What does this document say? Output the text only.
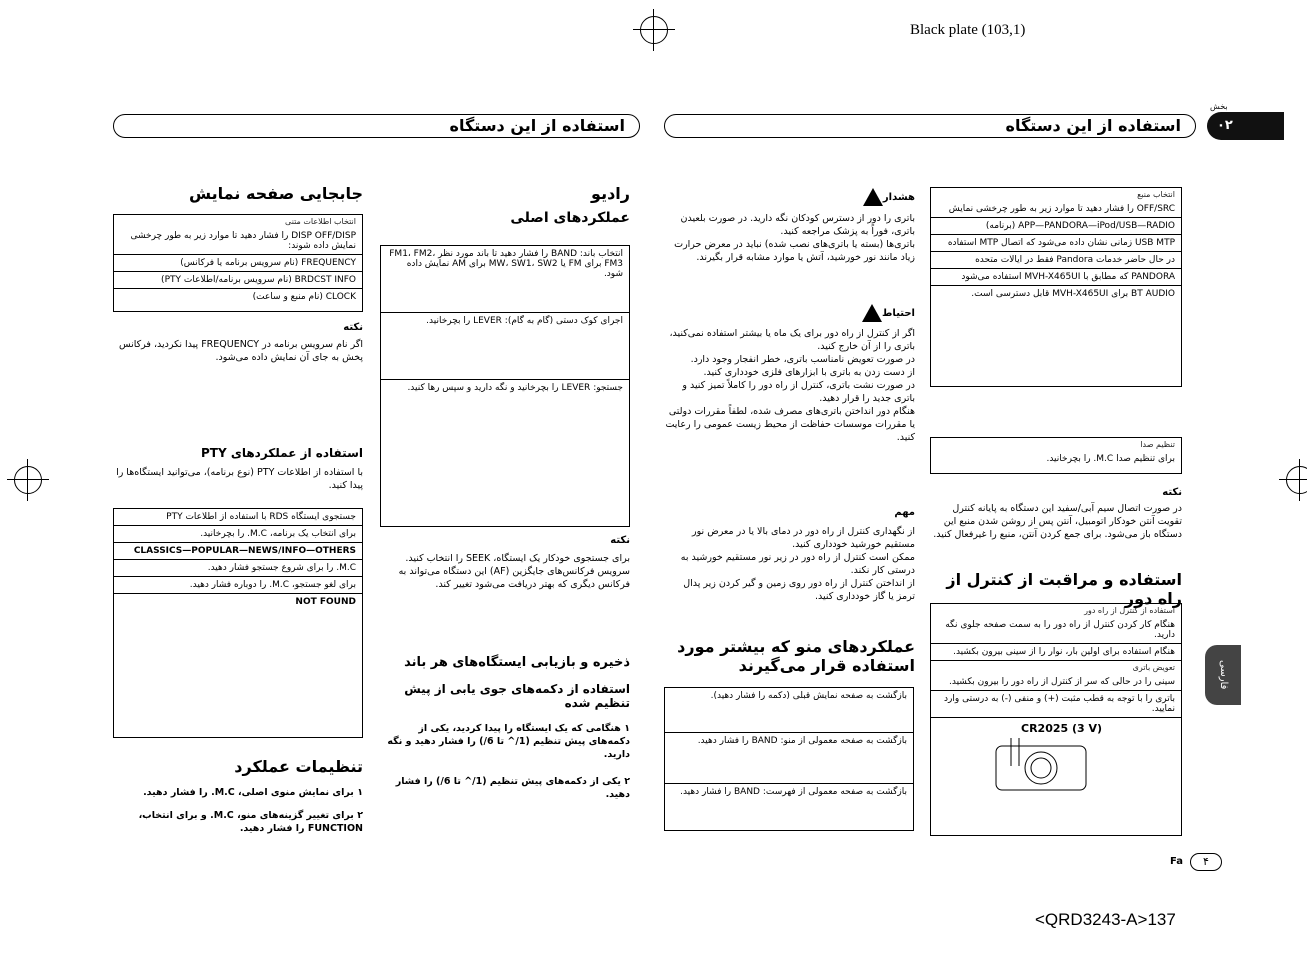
Black plate (103,1)
بخش
۰۲
استفاده از این دستگاه	استفاده از این دستگاه
فارسی
انتخاب منبع
OFF/SRC را فشار دهید تا موارد زیر به طور چرخشی نمایش
APP—PANDORA—iPod/USB—RADIO (برنامه)
USB MTP زمانی نشان داده می‌شود که اتصال MTP استفاده
در حال حاضر خدمات Pandora فقط در ایالات متحده
PANDORA که مطابق با MVH-X465UI استفاده می‌شود
BT AUDIO برای MVH-X465UI قابل دسترسی است.
تنظیم صدا
برای تنظیم صدا M.C. را بچرخانید.
نکته
در صورت اتصال سیم آبی/سفید این دستگاه به پایانه کنترل تقویت آنتن خودکار اتومبیل، آنتن پس از روشن شدن منبع این دستگاه باز می‌شود. برای جمع کردن آنتن، منبع را غیرفعال کنید.
استفاده و مراقبت از کنترل از راه دور
استفاده از کنترل از راه دور
هنگام کار کردن کنترل از راه دور را به سمت صفحه جلوی نگه دارید.
هنگام استفاده برای اولین بار، نوار را از سینی بیرون بکشید.
تعویض باتری
سینی را در حالی که سر از کنترل از راه دور را بیرون بکشید.
باتری را با توجه به قطب مثبت (+) و منفی (-) به درستی وارد نمایید.
CR2025 (3 V)
هشدار
باتری را دور از دسترس کودکان نگه دارید. در صورت بلعیدن باتری، فوراً به پزشک مراجعه کنید.
باتری‌ها (بسته یا باتری‌های نصب شده) نباید در معرض حرارت زیاد مانند نور خورشید، آتش یا موارد مشابه قرار بگیرند.
احتیاط
اگر از کنترل از راه دور برای یک ماه یا بیشتر استفاده نمی‌کنید، باتری را از آن خارج کنید.
در صورت تعویض نامناسب باتری، خطر انفجار وجود دارد.
از دست زدن به باتری با ابزارهای فلزی خودداری کنید.
در صورت نشت باتری، کنترل از راه دور را کاملاً تمیز کنید و باتری جدید را قرار دهید.
هنگام دور انداختن باتری‌های مصرف شده، لطفاً مقررات دولتی یا مقررات موسسات حفاظت از محیط زیست عمومی را رعایت کنید.
مهم
از نگهداری کنترل از راه دور در دمای بالا یا در معرض نور مستقیم خورشید خودداری کنید.
ممکن است کنترل از راه دور در زیر نور مستقیم خورشید به درستی کار نکند.
از انداختن کنترل از راه دور روی زمین و گیر کردن زیر پدال ترمز یا گاز خودداری کنید.
عملکردهای منو که بیشتر مورد استفاده قرار می‌گیرند
بازگشت به صفحه نمایش قبلی (دکمه را فشار دهید).
بازگشت به صفحه معمولی از منو: BAND را فشار دهید.
بازگشت به صفحه معمولی از فهرست: BAND را فشار دهید.
رادیو
عملکردهای اصلی
انتخاب باند: BAND را فشار دهید تا باند مورد نظر FM1، FM2، FM3 برای FM یا MW، SW1، SW2 برای AM نمایش داده شود.
اجرای کوک دستی (گام به گام): LEVER را بچرخانید.
جستجو: LEVER را بچرخانید و نگه دارید و سپس رها کنید.
نکته
برای جستجوی خودکار یک ایستگاه، SEEK را انتخاب کنید.
سرویس فرکانس‌های جایگزین (AF) این دستگاه می‌تواند به فرکانس دیگری که بهتر دریافت می‌شود تغییر کند.
ذخیره و بازیابی ایستگاه‌های هر باند
استفاده از دکمه‌های جوی یابی از پیش تنظیم شده
۱ هنگامی که یک ایستگاه را پیدا کردید، یکی از دکمه‌های پیش تنظیم (1/^ تا 6/) را فشار دهید و نگه دارید.
۲ یکی از دکمه‌های پیش تنظیم (1/^ تا 6/) را فشار دهید.
جابجایی صفحه نمایش
انتخاب اطلاعات متنی
DISP OFF/DISP را فشار دهید تا موارد زیر به طور چرخشی نمایش داده شوند:
FREQUENCY (نام سرویس برنامه یا فرکانس)
BRDCST INFO (نام سرویس برنامه/اطلاعات PTY)
CLOCK (نام منبع و ساعت)
نکته
اگر نام سرویس برنامه در FREQUENCY پیدا نکردید، فرکانس پخش به جای آن نمایش داده می‌شود.
استفاده از عملکردهای PTY
با استفاده از اطلاعات PTY (نوع برنامه)، می‌توانید ایستگاه‌ها را پیدا کنید.
جستجوی ایستگاه RDS با استفاده از اطلاعات PTY
برای انتخاب یک برنامه، M.C. را بچرخانید.
CLASSICS—POPULAR—NEWS/INFO—OTHERS
M.C. را برای شروع جستجو فشار دهید.
برای لغو جستجو، M.C. را دوباره فشار دهید.
NOT FOUND
تنظیمات عملکرد
۱ برای نمایش منوی اصلی، M.C. را فشار دهید.
۲ برای تغییر گزینه‌های منو، M.C. و برای انتخاب، FUNCTION را فشار دهید.
Fa	۴
<QRD3243-A>137
